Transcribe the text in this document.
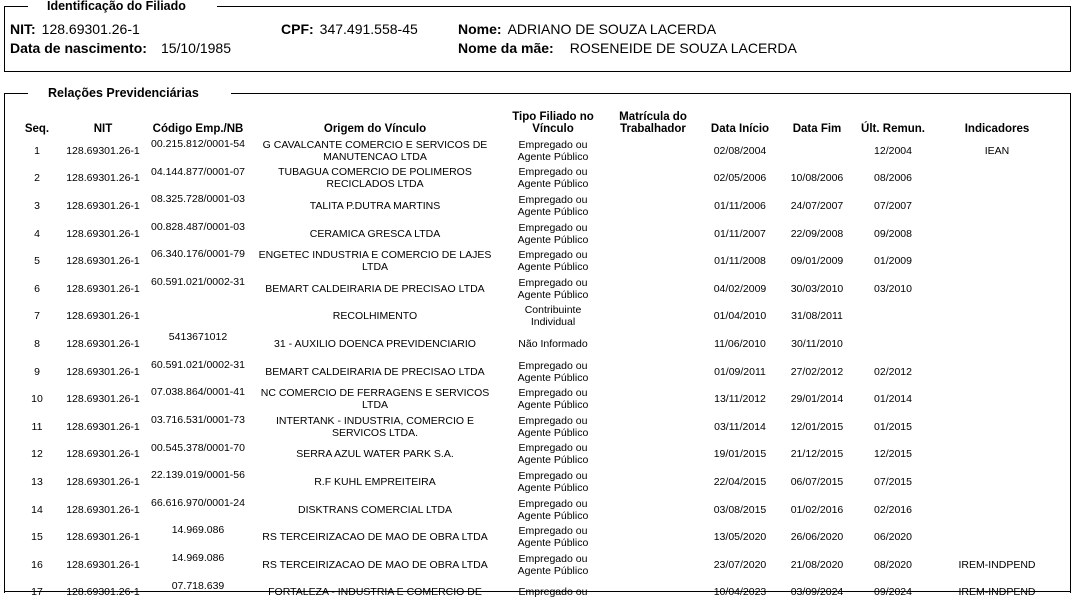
Identificação do Filiado
NIT: 128.69301.26-1	CPF: 347.491.558-45	Nome: ADRIANO DE SOUZA LACERDA
Data de nascimento: 15/10/1985	Nome da mãe: ROSENEIDE DE SOUZA LACERDA
Relações Previdenciárias
Seq.	NIT	Código Emp./NB	Origem do Vínculo	Tipo Filiado no Vínculo	Matrícula do Trabalhador	Data Início	Data Fim	Últ. Remun.	Indicadores
1	128.69301.26-1	00.215.812/0001-54	G CAVALCANTE COMERCIO E SERVICOS DE MANUTENCAO LTDA	Empregado ou Agente Público		02/08/2004		12/2004	IEAN
2	128.69301.26-1	04.144.877/0001-07	TUBAGUA COMERCIO DE POLIMEROS RECICLADOS LTDA	Empregado ou Agente Público		02/05/2006	10/08/2006	08/2006	
3	128.69301.26-1	08.325.728/0001-03	TALITA P.DUTRA MARTINS	Empregado ou Agente Público		01/11/2006	24/07/2007	07/2007	
4	128.69301.26-1	00.828.487/0001-03	CERAMICA GRESCA LTDA	Empregado ou Agente Público		01/11/2007	22/09/2008	09/2008	
5	128.69301.26-1	06.340.176/0001-79	ENGETEC INDUSTRIA E COMERCIO DE LAJES LTDA	Empregado ou Agente Público		01/11/2008	09/01/2009	01/2009	
6	128.69301.26-1	60.591.021/0002-31	BEMART CALDEIRARIA DE PRECISAO LTDA	Empregado ou Agente Público		04/02/2009	30/03/2010	03/2010	
7	128.69301.26-1		RECOLHIMENTO	Contribuinte Individual		01/04/2010	31/08/2011		
8	128.69301.26-1	5413671012	31 - AUXILIO DOENCA PREVIDENCIARIO	Não Informado		11/06/2010	30/11/2010		
9	128.69301.26-1	60.591.021/0002-31	BEMART CALDEIRARIA DE PRECISAO LTDA	Empregado ou Agente Público		01/09/2011	27/02/2012	02/2012	
10	128.69301.26-1	07.038.864/0001-41	NC COMERCIO DE FERRAGENS E SERVICOS LTDA	Empregado ou Agente Público		13/11/2012	29/01/2014	01/2014	
11	128.69301.26-1	03.716.531/0001-73	INTERTANK - INDUSTRIA, COMERCIO E SERVICOS LTDA.	Empregado ou Agente Público		03/11/2014	12/01/2015	01/2015	
12	128.69301.26-1	00.545.378/0001-70	SERRA AZUL WATER PARK S.A.	Empregado ou Agente Público		19/01/2015	21/12/2015	12/2015	
13	128.69301.26-1	22.139.019/0001-56	R.F KUHL EMPREITEIRA	Empregado ou Agente Público		22/04/2015	06/07/2015	07/2015	
14	128.69301.26-1	66.616.970/0001-24	DISKTRANS COMERCIAL LTDA	Empregado ou Agente Público		03/08/2015	01/02/2016	02/2016	
15	128.69301.26-1	14.969.086	RS TERCEIRIZACAO DE MAO DE OBRA LTDA	Empregado ou Agente Público		13/05/2020	26/06/2020	06/2020	
16	128.69301.26-1	14.969.086	RS TERCEIRIZACAO DE MAO DE OBRA LTDA	Empregado ou Agente Público		23/07/2020	21/08/2020	08/2020	IREM-INDPEND
17	128.69301.26-1	07.718.639	FORTALEZA - INDUSTRIA E COMERCIO DE	Empregado ou		10/04/2023	03/09/2024	09/2024	IREM-INDPEND
